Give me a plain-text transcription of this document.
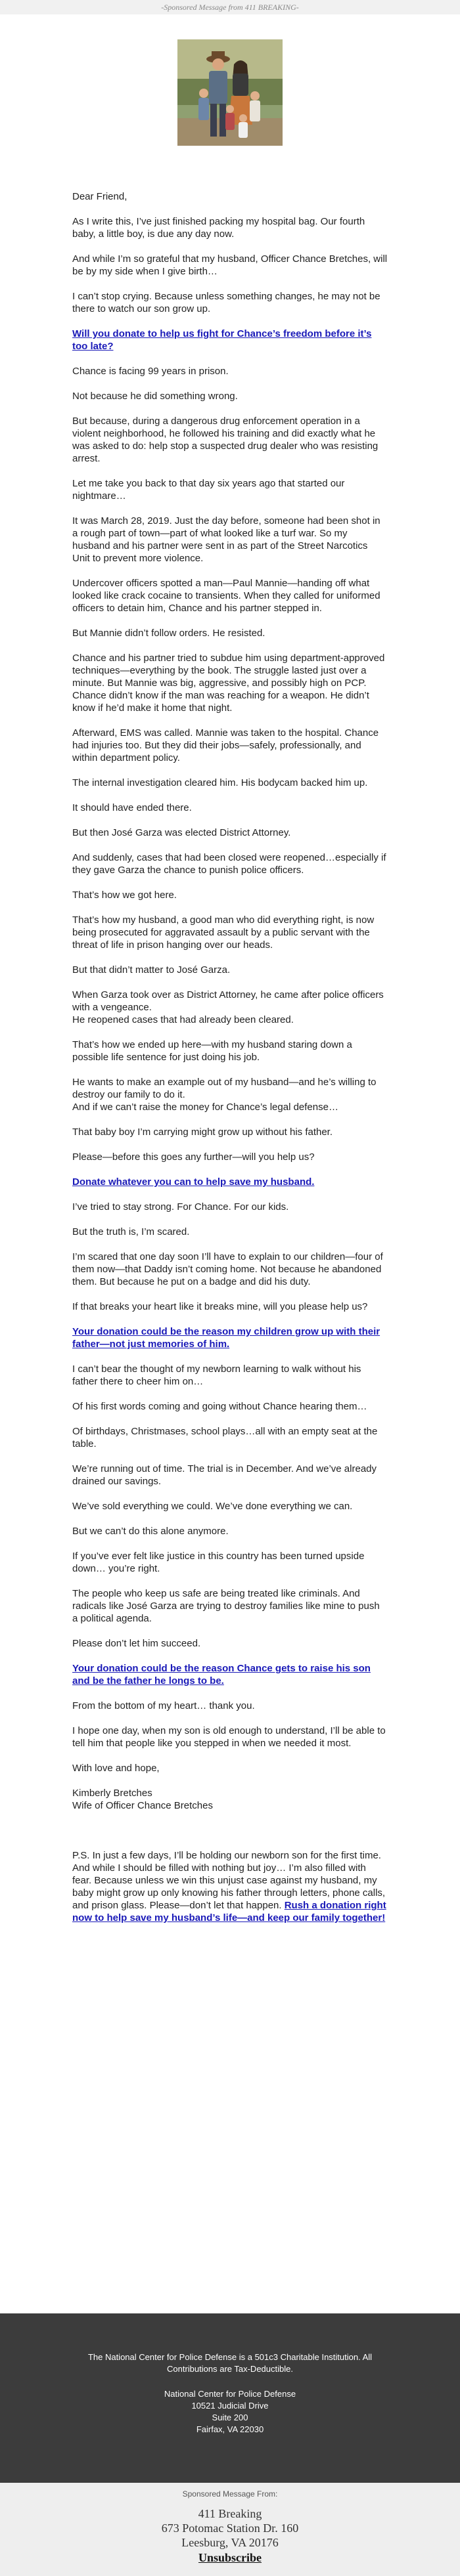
-Sponsored Message from 411 BREAKING-

Dear Friend,

As I write this, I’ve just finished packing my hospital bag. Our fourth baby, a little boy, is due any day now.

And while I’m so grateful that my husband, Officer Chance Bretches, will be by my side when I give birth…

I can’t stop crying. Because unless something changes, he may not be there to watch our son grow up.

Will you donate to help us fight for Chance’s freedom before it’s too late?

Chance is facing 99 years in prison.

Not because he did something wrong.

But because, during a dangerous drug enforcement operation in a violent neighborhood, he followed his training and did exactly what he was asked to do: help stop a suspected drug dealer who was resisting arrest.

Let me take you back to that day six years ago that started our nightmare…

It was March 28, 2019. Just the day before, someone had been shot in a rough part of town—part of what looked like a turf war. So my husband and his partner were sent in as part of the Street Narcotics Unit to prevent more violence.

Undercover officers spotted a man—Paul Mannie—handing off what looked like crack cocaine to transients. When they called for uniformed officers to detain him, Chance and his partner stepped in.

But Mannie didn’t follow orders. He resisted.

Chance and his partner tried to subdue him using department-approved techniques—everything by the book. The struggle lasted just over a minute. But Mannie was big, aggressive, and possibly high on PCP. Chance didn’t know if the man was reaching for a weapon. He didn’t know if he’d make it home that night.

Afterward, EMS was called. Mannie was taken to the hospital. Chance had injuries too. But they did their jobs—safely, professionally, and within department policy.

The internal investigation cleared him. His bodycam backed him up.

It should have ended there.

But then José Garza was elected District Attorney.

And suddenly, cases that had been closed were reopened…especially if they gave Garza the chance to punish police officers.

That’s how we got here.

That’s how my husband, a good man who did everything right, is now being prosecuted for aggravated assault by a public servant with the threat of life in prison hanging over our heads.

But that didn’t matter to José Garza.

When Garza took over as District Attorney, he came after police officers with a vengeance.
He reopened cases that had already been cleared.

That’s how we ended up here—with my husband staring down a possible life sentence for just doing his job.

He wants to make an example out of my husband—and he’s willing to destroy our family to do it.
And if we can’t raise the money for Chance’s legal defense…

That baby boy I’m carrying might grow up without his father.

Please—before this goes any further—will you help us?

Donate whatever you can to help save my husband.

I’ve tried to stay strong. For Chance. For our kids.

But the truth is, I’m scared.

I’m scared that one day soon I’ll have to explain to our children—four of them now—that Daddy isn’t coming home. Not because he abandoned them. But because he put on a badge and did his duty.

If that breaks your heart like it breaks mine, will you please help us?

Your donation could be the reason my children grow up with their father—not just memories of him.

I can’t bear the thought of my newborn learning to walk without his father there to cheer him on…

Of his first words coming and going without Chance hearing them…

Of birthdays, Christmases, school plays…all with an empty seat at the table.

We’re running out of time. The trial is in December. And we’ve already drained our savings.

We’ve sold everything we could. We’ve done everything we can.

But we can’t do this alone anymore.

If you’ve ever felt like justice in this country has been turned upside down… you’re right.

The people who keep us safe are being treated like criminals. And radicals like José Garza are trying to destroy families like mine to push a political agenda.

Please don’t let him succeed.

Your donation could be the reason Chance gets to raise his son and be the father he longs to be.

From the bottom of my heart… thank you.

I hope one day, when my son is old enough to understand, I’ll be able to tell him that people like you stepped in when we needed it most.

With love and hope,

Kimberly Bretches
Wife of Officer Chance Bretches

P.S. In just a few days, I’ll be holding our newborn son for the first time. And while I should be filled with nothing but joy… I’m also filled with fear. Because unless we win this unjust case against my husband, my baby might grow up only knowing his father through letters, phone calls, and prison glass. Please—don’t let that happen. Rush a donation right now to help save my husband’s life—and keep our family together!

The National Center for Police Defense is a 501c3 Charitable Institution. All Contributions are Tax-Deductible.
National Center for Police Defense
10521 Judicial Drive
Suite 200
Fairfax, VA 22030
Sponsored Message From:
411 Breaking
673 Potomac Station Dr. 160
Leesburg, VA 20176
Unsubscribe
